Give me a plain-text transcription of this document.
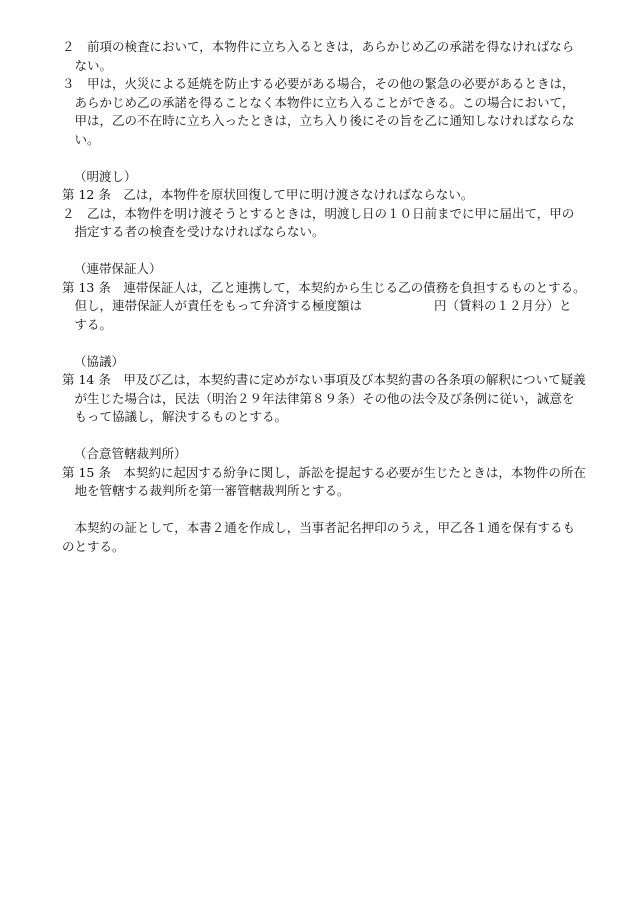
２　前項の検査において，本物件に立ち入るときは，あらかじめ乙の承諾を得なければなら
　ない。
３　甲は，火災による延焼を防止する必要がある場合，その他の緊急の必要があるときは，
　あらかじめ乙の承諾を得ることなく本物件に立ち入ることができる。この場合において，
　甲は，乙の不在時に立ち入ったときは，立ち入り後にその旨を乙に通知しなければならな
　い。
（明渡し）
第 12 条　乙は，本物件を原状回復して甲に明け渡さなければならない。
２　乙は，本物件を明け渡そうとするときは，明渡し日の１０日前までに甲に届出て，甲の
　指定する者の検査を受けなければならない。
（連帯保証人）
第 13 条　連帯保証人は，乙と連携して，本契約から生じる乙の債務を負担するものとする。
　但し，連帯保証人が責任をもって弁済する極度額は	円（賃料の１２月分）と
　する。
（協議）
第 14 条　甲及び乙は，本契約書に定めがない事項及び本契約書の各条項の解釈について疑義
　が生じた場合は，民法（明治２９年法律第８９条）その他の法令及び条例に従い，誠意を
　もって協議し，解決するものとする。
（合意管轄裁判所）
第 15 条　本契約に起因する紛争に関し，訴訟を提起する必要が生じたときは，本物件の所在
　地を管轄する裁判所を第一審管轄裁判所とする。
　本契約の証として，本書２通を作成し，当事者記名押印のうえ，甲乙各１通を保有するも
のとする。
